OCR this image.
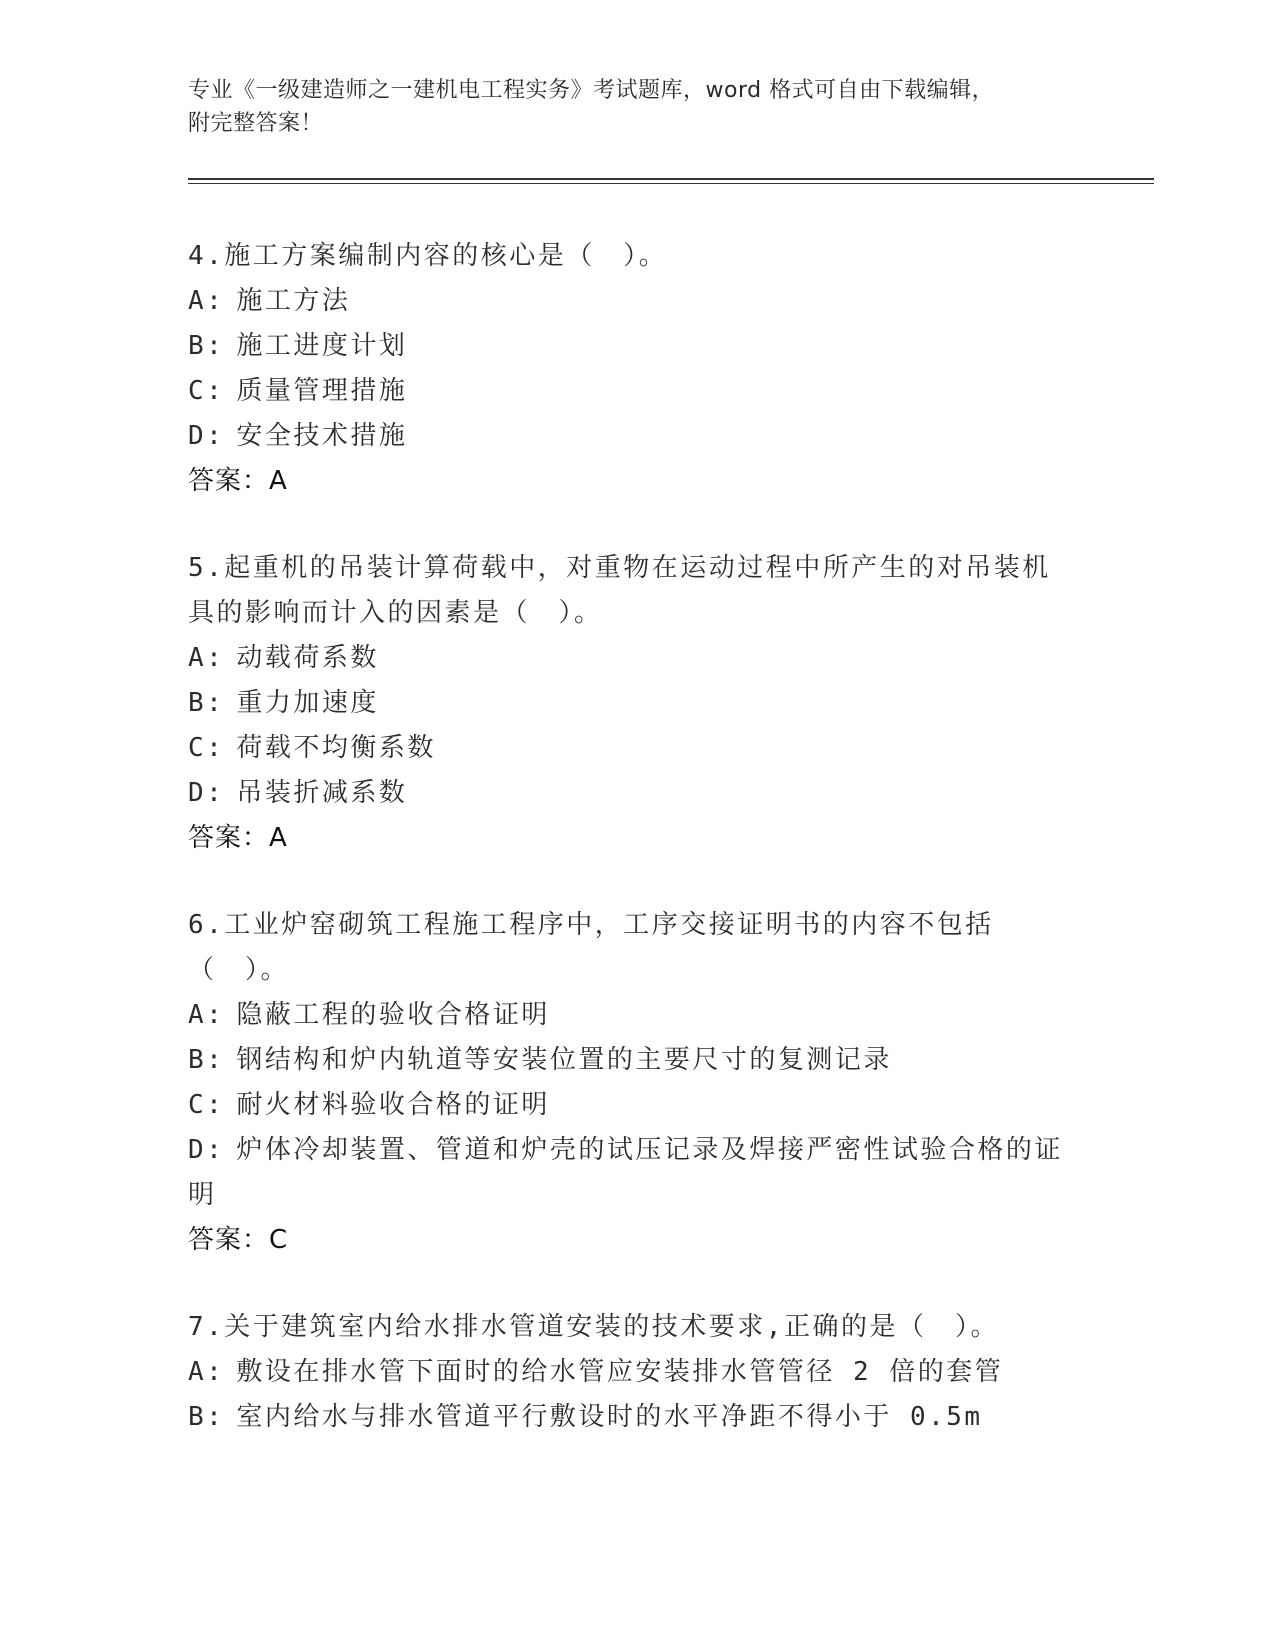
专业《一级建造师之一建机电工程实务》考试题库，word 格式可自由下载编辑，
附完整答案！
4.施工方案编制内容的核心是（　）。
A: 施工方法
B: 施工进度计划
C: 质量管理措施
D: 安全技术措施
答案：A
5.起重机的吊装计算荷载中，对重物在运动过程中所产生的对吊装机具的影响而计入的因素是（　）。
A: 动载荷系数
B: 重力加速度
C: 荷载不均衡系数
D: 吊装折减系数
答案：A
6.工业炉窑砌筑工程施工程序中，工序交接证明书的内容不包括（　）。
A: 隐蔽工程的验收合格证明
B: 钢结构和炉内轨道等安装位置的主要尺寸的复测记录
C: 耐火材料验收合格的证明
D: 炉体冷却装置、管道和炉壳的试压记录及焊接严密性试验合格的证明
答案：C
7.关于建筑室内给水排水管道安装的技术要求,正确的是（　）。
A: 敷设在排水管下面时的给水管应安装排水管管径 2 倍的套管
B: 室内给水与排水管道平行敷设时的水平净距不得小于 0.5m
